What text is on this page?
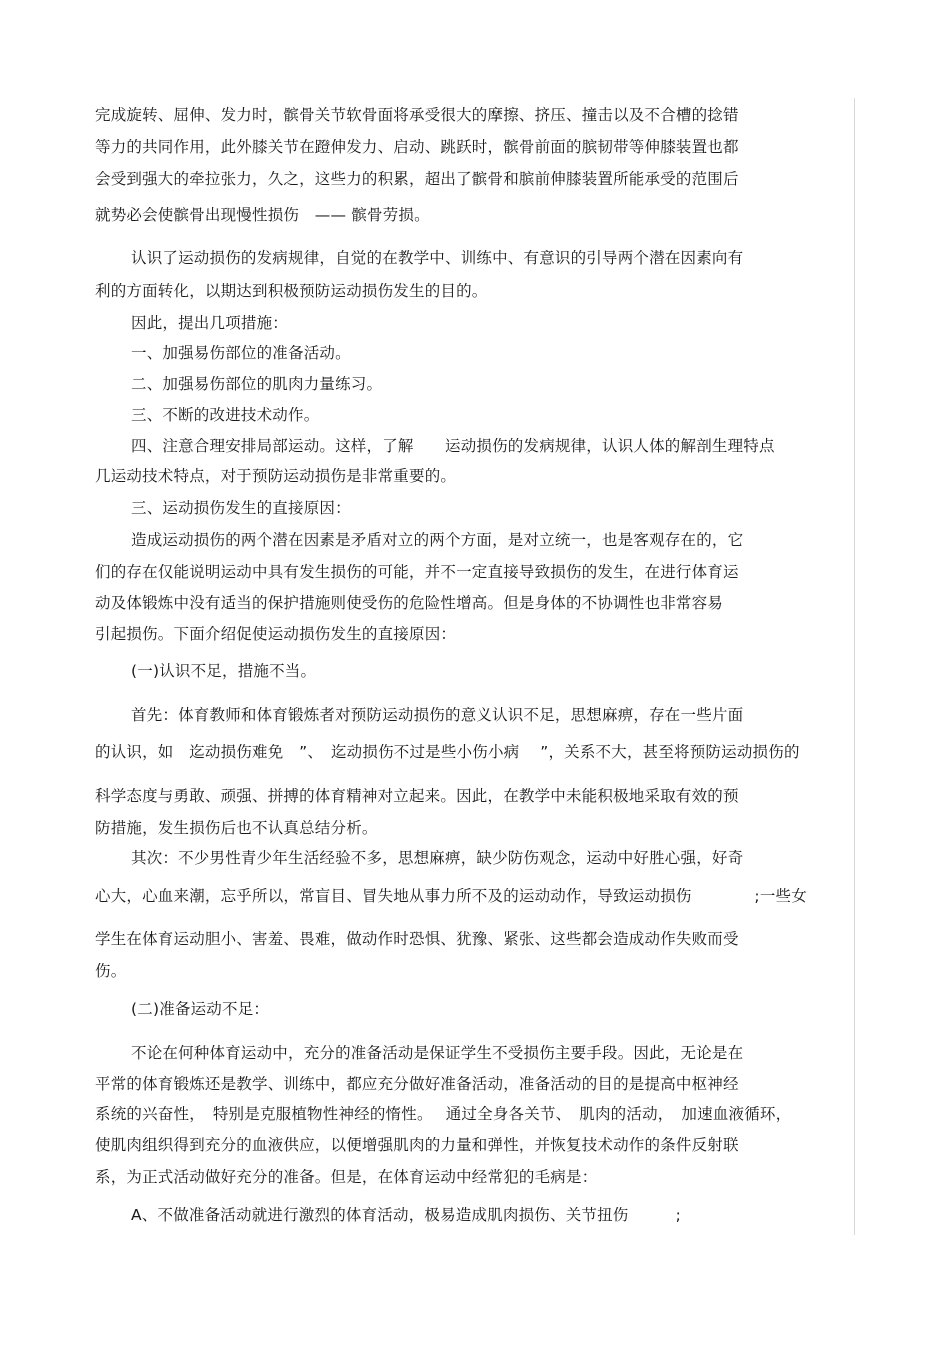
完成旋转、屈伸、发力时，髌骨关节软骨面将承受很大的摩擦、挤压、撞击以及不合槽的捻错
等力的共同作用，此外膝关节在蹬伸发力、启动、跳跃时，髌骨前面的膑韧带等伸膝装置也都
会受到强大的牵拉张力，久之，这些力的积累，超出了髌骨和膑前伸膝装置所能承受的范围后
就势必会使髌骨出现慢性损伤　—— 髌骨劳损。
认识了运动损伤的发病规律，自觉的在教学中、训练中、有意识的引导两个潜在因素向有
利的方面转化，以期达到积极预防运动损伤发生的目的。
因此，提出几项措施：
一、加强易伤部位的准备活动。
二、加强易伤部位的肌肉力量练习。
三、不断的改进技术动作。
四、注意合理安排局部运动。这样，了解　　运动损伤的发病规律，认识人体的解剖生理特点
几运动技术特点，对于预防运动损伤是非常重要的。
三、运动损伤发生的直接原因：
造成运动损伤的两个潜在因素是矛盾对立的两个方面，是对立统一，也是客观存在的，它
们的存在仅能说明运动中具有发生损伤的可能，并不一定直接导致损伤的发生，在进行体育运
动及体锻炼中没有适当的保护措施则使受伤的危险性增高。但是身体的不协调性也非常容易
引起损伤。下面介绍促使运动损伤发生的直接原因：
(一)认识不足，措施不当。
首先：体育教师和体育锻炼者对预防运动损伤的意义认识不足，思想麻痹，存在一些片面
的认识，如　迄动损伤难免　”、　迄动损伤不过是些小伤小病　 ”，关系不大，甚至将预防运动损伤的
科学态度与勇敢、顽强、拼搏的体育精神对立起来。因此，在教学中未能积极地采取有效的预
防措施，发生损伤后也不认真总结分析。
其次：不少男性青少年生活经验不多，思想麻痹，缺少防伤观念，运动中好胜心强，好奇
心大，心血来潮，忘乎所以，常盲目、冒失地从事力所不及的运动动作，导致运动损伤　　　　;一些女
学生在体育运动胆小、害羞、畏难，做动作时恐惧、犹豫、紧张、这些都会造成动作失败而受
伤。
(二)准备运动不足：
不论在何种体育运动中，充分的准备活动是保证学生不受损伤主要手段。因此，无论是在
平常的体育锻炼还是教学、训练中，都应充分做好准备活动，准备活动的目的是提高中枢神经
系统的兴奋性，　特别是克服植物性神经的惰性。　 通过全身各关节、　肌肉的活动，　加速血液循环，
使肌肉组织得到充分的血液供应，以便增强肌肉的力量和弹性，并恢复技术动作的条件反射联
系，为正式活动做好充分的准备。但是，在体育运动中经常犯的毛病是：
A、不做准备活动就进行激烈的体育活动，极易造成肌肉损伤、关节扭伤　　　;
